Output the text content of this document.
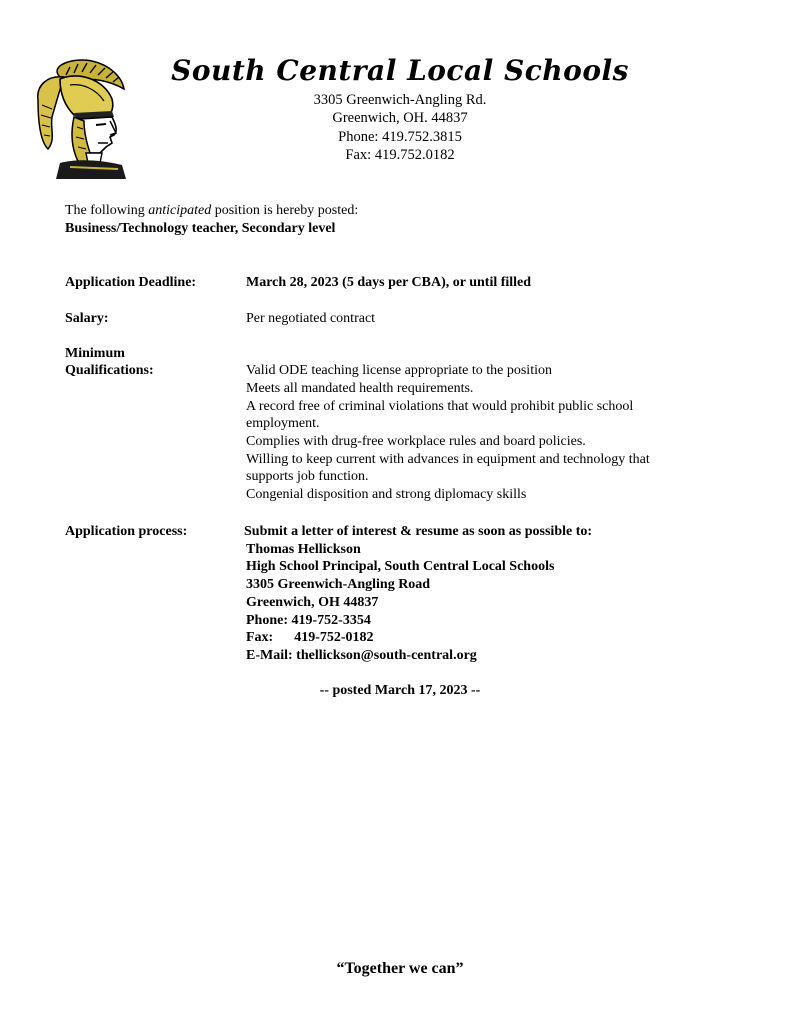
South Central Local Schools
3305 Greenwich-Angling Rd.
Greenwich, OH. 44837
Phone: 419.752.3815
Fax: 419.752.0182
The following anticipated position is hereby posted:
Business/Technology teacher, Secondary level
Application Deadline:	March 28, 2023 (5 days per CBA), or until filled
Salary:	Per negotiated contract
Minimum
Qualifications:	Valid ODE teaching license appropriate to the position
Meets all mandated health requirements.
A record free of criminal violations that would prohibit public school
employment.
Complies with drug-free workplace rules and board policies.
Willing to keep current with advances in equipment and technology that
supports job function.
Congenial disposition and strong diplomacy skills
Application process:	Submit a letter of interest & resume as soon as possible to:
Thomas Hellickson
High School Principal, South Central Local Schools
3305 Greenwich-Angling Road
Greenwich, OH 44837
Phone: 419-752-3354
Fax:      419-752-0182
E-Mail: thellickson@south-central.org
-- posted March 17, 2023 --
“Together we can”
